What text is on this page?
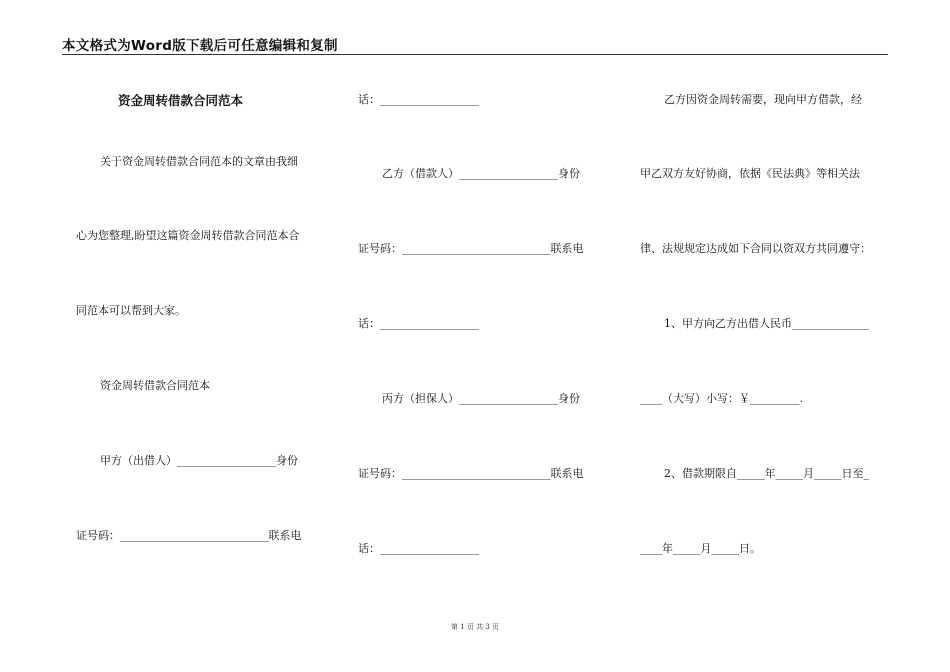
本文格式为Word版下载后可任意编辑和复制
资金周转借款合同范本
关于资金周转借款合同范本的文章由我细
心为您整理,盼望这篇资金周转借款合同范本合
同范本可以帮到大家。
资金周转借款合同范本
甲方（出借人）__________________身份
证号码：___________________________联系电
话：__________________
乙方（借款人）__________________身份
证号码：___________________________联系电
话：__________________
丙方（担保人）__________________身份
证号码：___________________________联系电
话：__________________
乙方因资金周转需要，现向甲方借款，经
甲乙双方友好协商，依据《民法典》等相关法
律、法规规定达成如下合同以资双方共同遵守：
1、甲方向乙方出借人民币______________
____（大写）小写：￥_________.
2、借款期限自_____年_____月_____日至_
____年_____月_____日。
第 1 页 共 3 页
